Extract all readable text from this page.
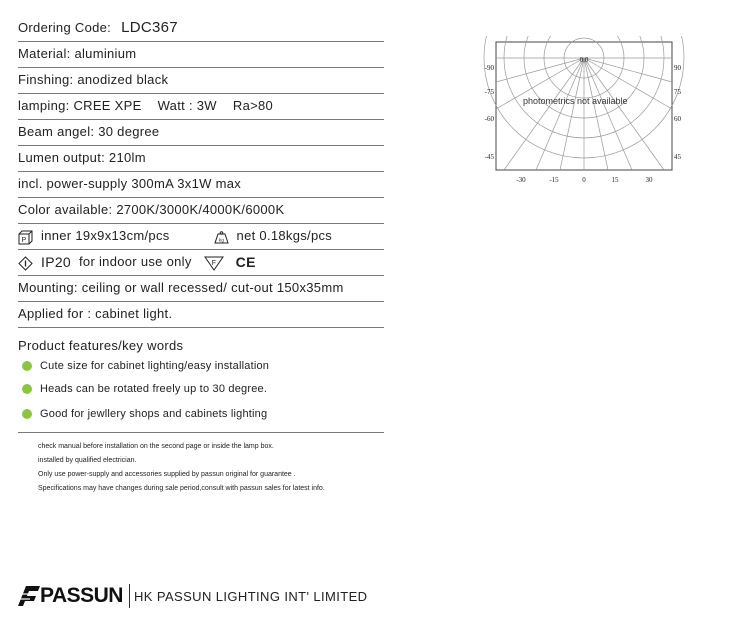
Ordering Code: LDC367
Material: aluminium
Finshing: anodized black
lamping: CREE XPE Watt : 3W Ra>80
Beam angel: 30 degree
Lumen output: 210lm
incl. power-supply 300mA 3x1W max
Color available: 2700K/3000K/4000K/6000K
P inner 19x9x13cm/pcs	kg net 0.18kgs/pcs
IP20 for indoor use only	F CE
Mounting: ceiling or wall recessed/ cut-out 150x35mm
Applied for : cabinet light.
Product features/key words
Cute size for cabinet lighting/easy installation
Heads can be rotated freely up to 30 degree.
Good for jewllery shops and cabinets lighting
check manual before installation on the second page or inside the lamp box.
installed by qualified electrician.
Only use power-supply and accessories supplied by passun original for guarantee .
Specifications may have changes during sale period,consult with passun sales for latest info.
0.0
-90
-75
-60
-45
90
75
60
45
-30	-15	0	15	30
photometrics not available
PASSUN HK PASSUN LIGHTING INT' LIMITED
